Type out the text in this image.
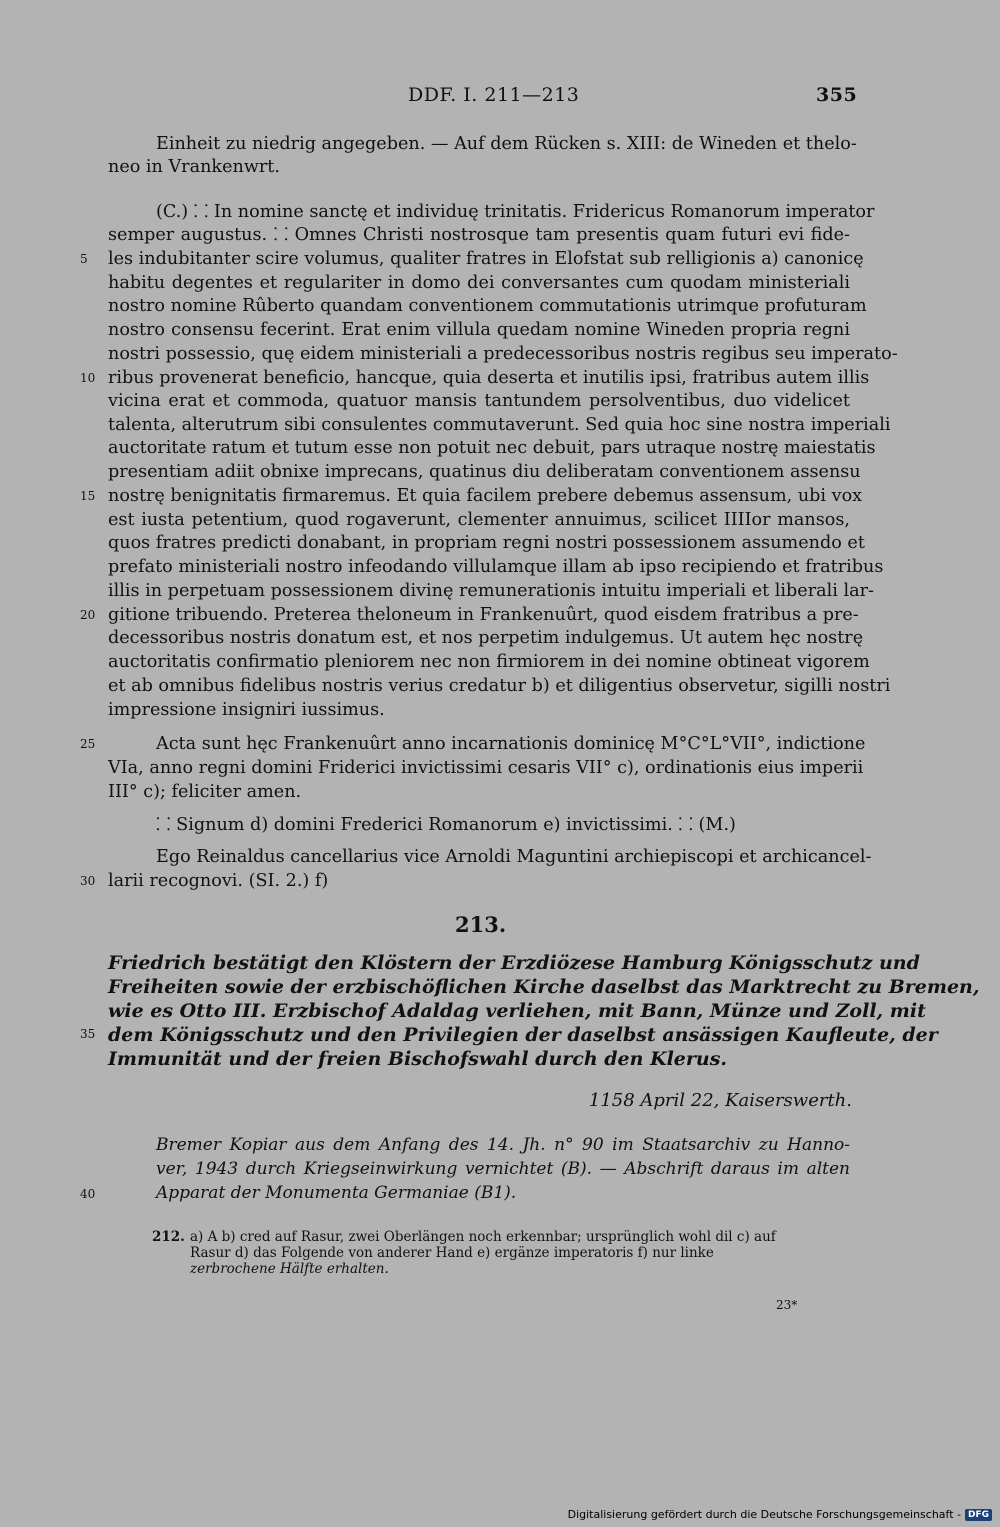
DDF. I. 211—213	355
Einheit zu niedrig angegeben. — Auf dem Rücken s. XIII: de Wineden et thelo-
neo in Vrankenwrt.
(C.) ⸬ In nomine sanctę et individuę trinitatis. Fridericus Romanorum imperator
semper augustus. ⸬ Omnes Christi nostrosque tam presentis quam futuri evi fide-
les indubitanter scire volumus, qualiter fratres in Elofstat sub relligionis a) canonicę
habitu degentes et regulariter in domo dei conversantes cum quodam ministeriali
nostro nomine Rûberto quandam conventionem commutationis utrimque profuturam
nostro consensu fecerint. Erat enim villula quedam nomine Wineden propria regni
nostri possessio, quę eidem ministeriali a predecessoribus nostris regibus seu imperato-
ribus provenerat beneficio, hancque, quia deserta et inutilis ipsi, fratribus autem illis
vicina erat et commoda, quatuor mansis tantundem persolventibus, duo videlicet
talenta, alterutrum sibi consulentes commutaverunt. Sed quia hoc sine nostra imperiali
auctoritate ratum et tutum esse non potuit nec debuit, pars utraque nostrę maiestatis
presentiam adiit obnixe imprecans, quatinus diu deliberatam conventionem assensu
nostrę benignitatis firmaremus. Et quia facilem prebere debemus assensum, ubi vox
est iusta petentium, quod rogaverunt, clementer annuimus, scilicet IIIIor mansos,
quos fratres predicti donabant, in propriam regni nostri possessionem assumendo et
prefato ministeriali nostro infeodando villulamque illam ab ipso recipiendo et fratribus
illis in perpetuam possessionem divinę remunerationis intuitu imperiali et liberali lar-
gitione tribuendo. Preterea theloneum in Frankenuûrt, quod eisdem fratribus a pre-
decessoribus nostris donatum est, et nos perpetim indulgemus. Ut autem hęc nostrę
auctoritatis confirmatio pleniorem nec non firmiorem in dei nomine obtineat vigorem
et ab omnibus fidelibus nostris verius credatur b) et diligentius observetur, sigilli nostri
impressione insigniri iussimus.
Acta sunt hęc Frankenuûrt anno incarnationis dominicę M°C°L°VII°, indictione
VIa, anno regni domini Friderici invictissimi cesaris VII° c), ordinationis eius imperii
III° c); feliciter amen.
⸬ Signum d) domini Frederici Romanorum e) invictissimi. ⸬ (M.)
Ego Reinaldus cancellarius vice Arnoldi Maguntini archiepiscopi et archicancel-
larii recognovi. (SI. 2.) f)
5
10
15
20
25
30
35
40
213.
Friedrich bestätigt den Klöstern der Erzdiözese Hamburg Königsschutz und
Freiheiten sowie der erzbischöflichen Kirche daselbst das Marktrecht zu Bremen,
wie es Otto III. Erzbischof Adaldag verliehen, mit Bann, Münze und Zoll, mit
dem Königsschutz und den Privilegien der daselbst ansässigen Kaufleute, der
Immunität und der freien Bischofswahl durch den Klerus.
1158 April 22, Kaiserswerth.
Bremer Kopiar aus dem Anfang des 14. Jh. n° 90 im Staatsarchiv zu Hanno-
ver, 1943 durch Kriegseinwirkung vernichtet (B). — Abschrift daraus im alten
Apparat der Monumenta Germaniae (B1).
212. a) A b) cred auf Rasur, zwei Oberlängen noch erkennbar; ursprünglich wohl dil c) auf
Rasur d) das Folgende von anderer Hand e) ergänze imperatoris f) nur linke
zerbrochene Hälfte erhalten.
23*
Digitalisierung gefördert durch die Deutsche Forschungsgemeinschaft - DFG
